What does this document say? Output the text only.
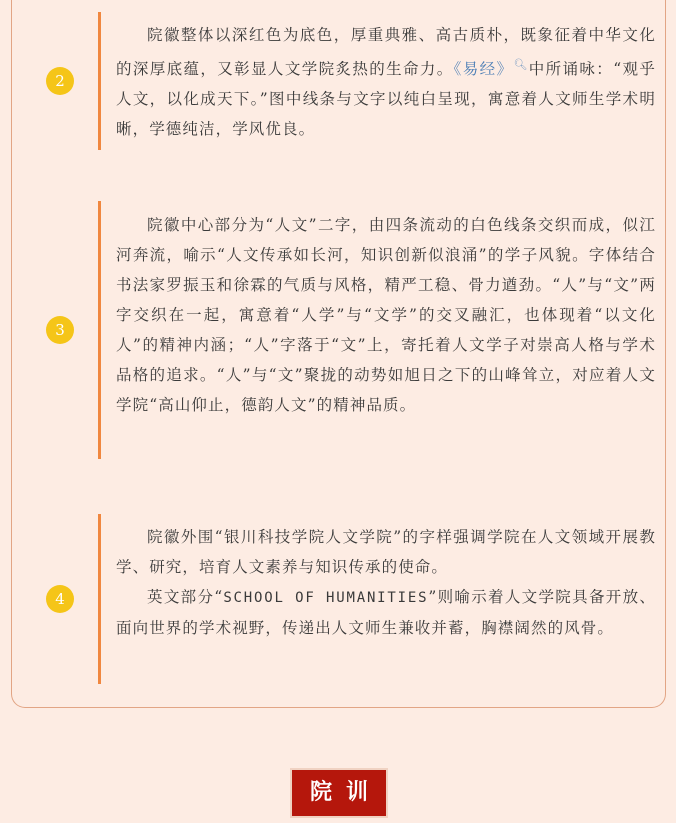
2

院徽整体以深红色为底色，厚重典雅、高古质朴，既象征着中华文化的深厚底蕴，又彰显人文学院炙热的生命力。《易经》🔍︎中所诵咏：“观乎人文，以化成天下。”图中线条与文字以纯白呈现，寓意着人文师生学术明晰，学德纯洁，学风优良。

3

院徽中心部分为“人文”二字，由四条流动的白色线条交织而成，似江河奔流，喻示“人文传承如长河，知识创新似浪涌”的学子风貌。字体结合书法家罗振玉和徐霖的气质与风格，精严工稳、骨力遒劲。“人”与“文”两字交织在一起，寓意着“人学”与“文学”的交叉融汇，也体现着“以文化人”的精神内涵；“人”字落于“文”上，寄托着人文学子对崇高人格与学术品格的追求。“人”与“文”聚拢的动势如旭日之下的山峰耸立，对应着人文学院“高山仰止，德韵人文”的精神品质。

4

院徽外围“银川科技学院人文学院”的字样强调学院在人文领域开展教学、研究，培育人文素养与知识传承的使命。

英文部分“SCHOOL OF HUMANITIES”则喻示着人文学院具备开放、面向世界的学术视野，传递出人文师生兼收并蓄，胸襟阔然的风骨。

院训
